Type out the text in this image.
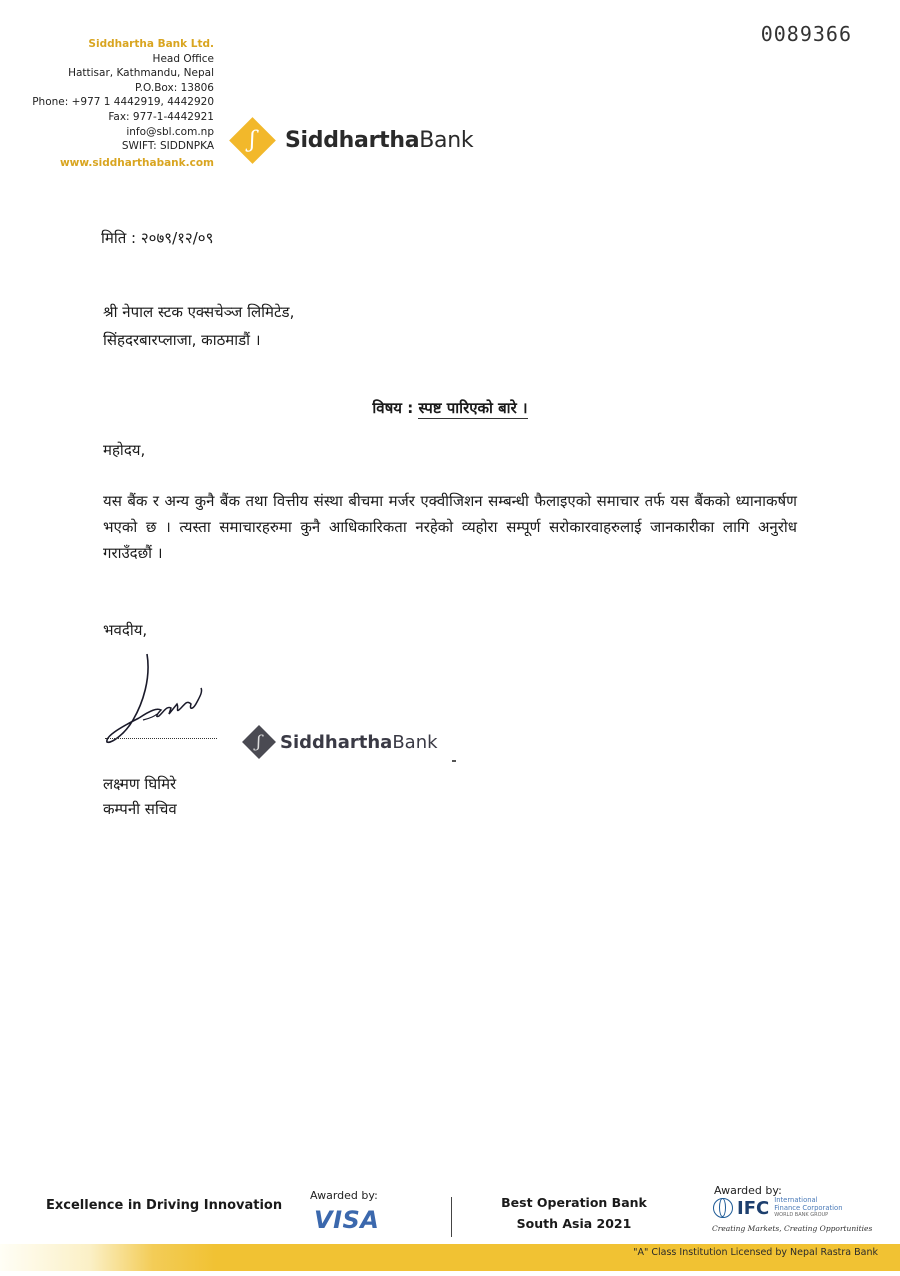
Siddhartha Bank Ltd.
Head Office
Hattisar, Kathmandu, Nepal
P.O.Box: 13806
Phone: +977 1 4442919, 4442920
Fax: 977-1-4442921
info@sbl.com.np
SWIFT: SIDDNPKA
www.siddharthabank.com
0089366
ʃ SiddharthaBank
मिति : २०७९/१२/०९
श्री नेपाल स्टक एक्सचेञ्ज लिमिटेड,
सिंहदरबारप्लाजा, काठमाडौं ।
विषय : स्पष्ट पारिएको बारे ।
महोदय,
यस बैंक र अन्य कुनै बैंक तथा वित्तीय संस्था बीचमा मर्जर एक्वीजिशन सम्बन्धी फैलाइएको समाचार तर्फ यस बैंकको ध्यानाकर्षण भएको छ । त्यस्ता समाचारहरुमा कुनै आधिकारिकता नरहेको व्यहोरा सम्पूर्ण सरोकारवाहरुलाई जानकारीका लागि अनुरोध गराउँदछौं ।
भवदीय,
ʃ SiddharthaBank
लक्ष्मण घिमिरे
कम्पनी सचिव
Excellence in Driving Innovation
Awarded by:
VISA
Best Operation Bank
South Asia 2021
Awarded by:
IFC International
Finance Corporation
WORLD BANK GROUP
Creating Markets, Creating Opportunities
"A" Class Institution Licensed by Nepal Rastra Bank
